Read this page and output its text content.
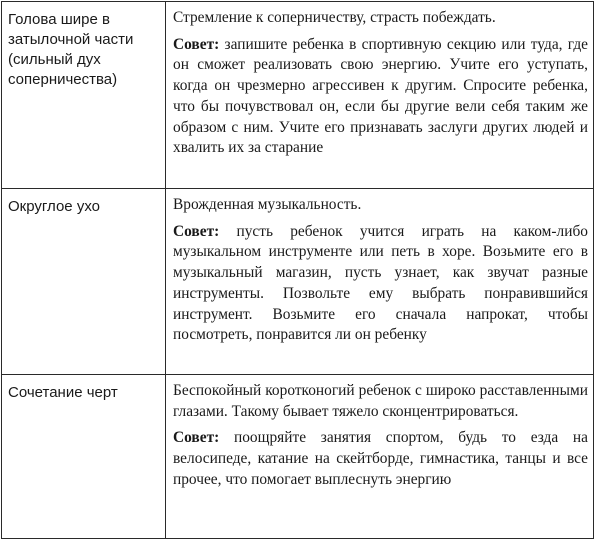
Голова шире в затылочной части (сильный дух соперничества)	Стремление к соперничеству, страсть побеждать.
Совет: запишите ребенка в спортивную секцию или туда, где он сможет реализовать свою энергию. Учите его уступать, когда он чрезмерно агрессивен к другим. Спросите ребенка, что бы почувствовал он, если бы другие вели себя таким же образом с ним. Учите его признавать заслуги других людей и хвалить их за старание

Округлое ухо	Врожденная музыкальность.
Совет: пусть ребенок учится играть на каком-либо музыкальном инструменте или петь в хоре. Возьмите его в музыкальный магазин, пусть узнает, как звучат разные инструменты. Позвольте ему выбрать понравившийся инструмент. Возьмите его сначала напрокат, чтобы посмотреть, понравится ли он ребенку

Сочетание черт	Беспокойный коротконогий ребенок с широко расставленными глазами. Такому бывает тяжело сконцентрироваться.
Совет: поощряйте занятия спортом, будь то езда на велосипеде, катание на скейтборде, гимнастика, танцы и все прочее, что помогает выплеснуть энергию
